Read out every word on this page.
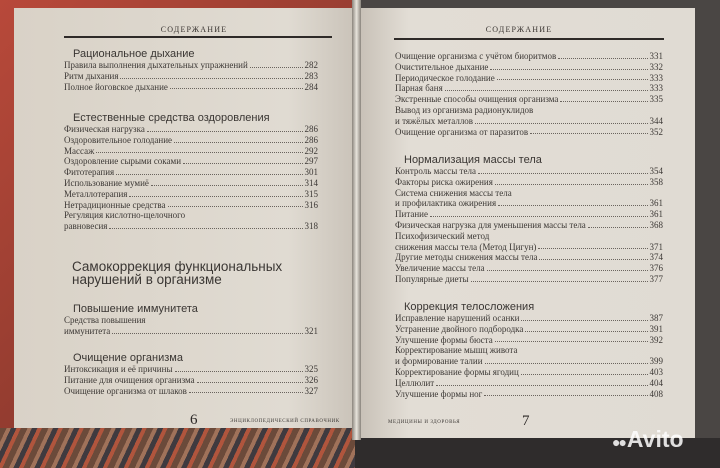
СОДЕРЖАНИЕ
6	ЭНЦИКЛОПЕДИЧЕСКИЙ СПРАВОЧНИК
Рациональное дыхание
Правила выполнения дыхательных упражнений	282
Ритм дыхания	283
Полное йоговское дыхание	284
Естественные средства оздоровления
Физическая нагрузка	286
Оздоровительное голодание	286
Массаж	292
Оздоровление сырыми соками	297
Фитотерапия	301
Использование мумиё	314
Металлотерапия	315
Нетрадиционные средства	316
Регуляция кислотно-щелочного
равновесия	318
Самокоррекция функциональных
нарушений в организме
Повышение иммунитета
Средства повышения
иммунитета	321
Очищение организма
Интоксикация и её причины	325
Питание для очищения организма	326
Очищение организма от шлаков	327
СОДЕРЖАНИЕ
МЕДИЦИНЫ И ЗДОРОВЬЯ	7
Очищение организма с учётом биоритмов	331
Очистительное дыхание	332
Периодическое голодание	333
Парная баня	333
Экстренные способы очищения организма	335
Вывод из организма радионуклидов
и тяжёлых металлов	344
Очищение организма от паразитов	352
Нормализация массы тела
Контроль массы тела	354
Факторы риска ожирения	358
Система снижения массы тела
и профилактика ожирения	361
Питание	361
Физическая нагрузка для уменьшения массы тела	368
Психофизический метод
снижения массы тела (Метод Цигун)	371
Другие методы снижения массы тела	374
Увеличение массы тела	376
Популярные диеты	377
Коррекция телосложения
Исправление нарушений осанки	387
Устранение двойного подбородка	391
Улучшение формы бюста	392
Корректирование мышц живота
и формирование талии	399
Корректирование формы ягодиц	403
Целлюлит	404
Улучшение формы ног	408
●●Avito
